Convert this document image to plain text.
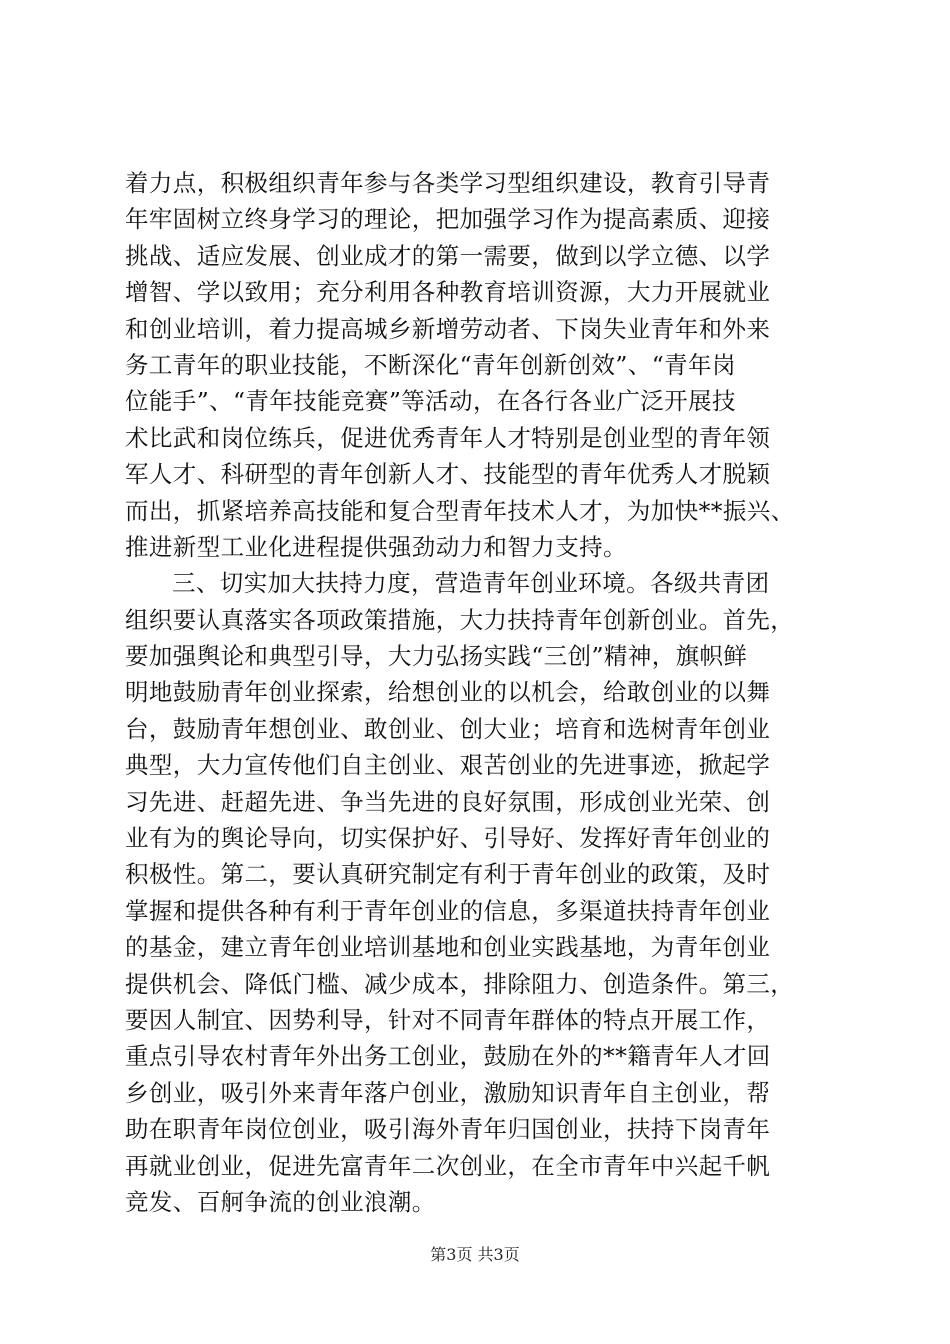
着力点，积极组织青年参与各类学习型组织建设，教育引导青
年牢固树立终身学习的理论，把加强学习作为提高素质、迎接
挑战、适应发展、创业成才的第一需要，做到以学立德、以学
增智、学以致用；充分利用各种教育培训资源，大力开展就业
和创业培训，着力提高城乡新增劳动者、下岗失业青年和外来
务工青年的职业技能，不断深化“青年创新创效”、“青年岗
位能手”、“青年技能竞赛”等活动，在各行各业广泛开展技
术比武和岗位练兵，促进优秀青年人才特别是创业型的青年领
军人才、科研型的青年创新人才、技能型的青年优秀人才脱颖
而出，抓紧培养高技能和复合型青年技术人才，为加快**振兴、
推进新型工业化进程提供强劲动力和智力支持。
三、切实加大扶持力度，营造青年创业环境。各级共青团
组织要认真落实各项政策措施，大力扶持青年创新创业。首先，
要加强舆论和典型引导，大力弘扬实践“三创”精神，旗帜鲜
明地鼓励青年创业探索，给想创业的以机会，给敢创业的以舞
台，鼓励青年想创业、敢创业、创大业；培育和选树青年创业
典型，大力宣传他们自主创业、艰苦创业的先进事迹，掀起学
习先进、赶超先进、争当先进的良好氛围，形成创业光荣、创
业有为的舆论导向，切实保护好、引导好、发挥好青年创业的
积极性。第二，要认真研究制定有利于青年创业的政策，及时
掌握和提供各种有利于青年创业的信息，多渠道扶持青年创业
的基金，建立青年创业培训基地和创业实践基地，为青年创业
提供机会、降低门槛、减少成本，排除阻力、创造条件。第三，
要因人制宜、因势利导，针对不同青年群体的特点开展工作，
重点引导农村青年外出务工创业，鼓励在外的**籍青年人才回
乡创业，吸引外来青年落户创业，激励知识青年自主创业，帮
助在职青年岗位创业，吸引海外青年归国创业，扶持下岗青年
再就业创业，促进先富青年二次创业，在全市青年中兴起千帆
竞发、百舸争流的创业浪潮。
第3页 共3页
